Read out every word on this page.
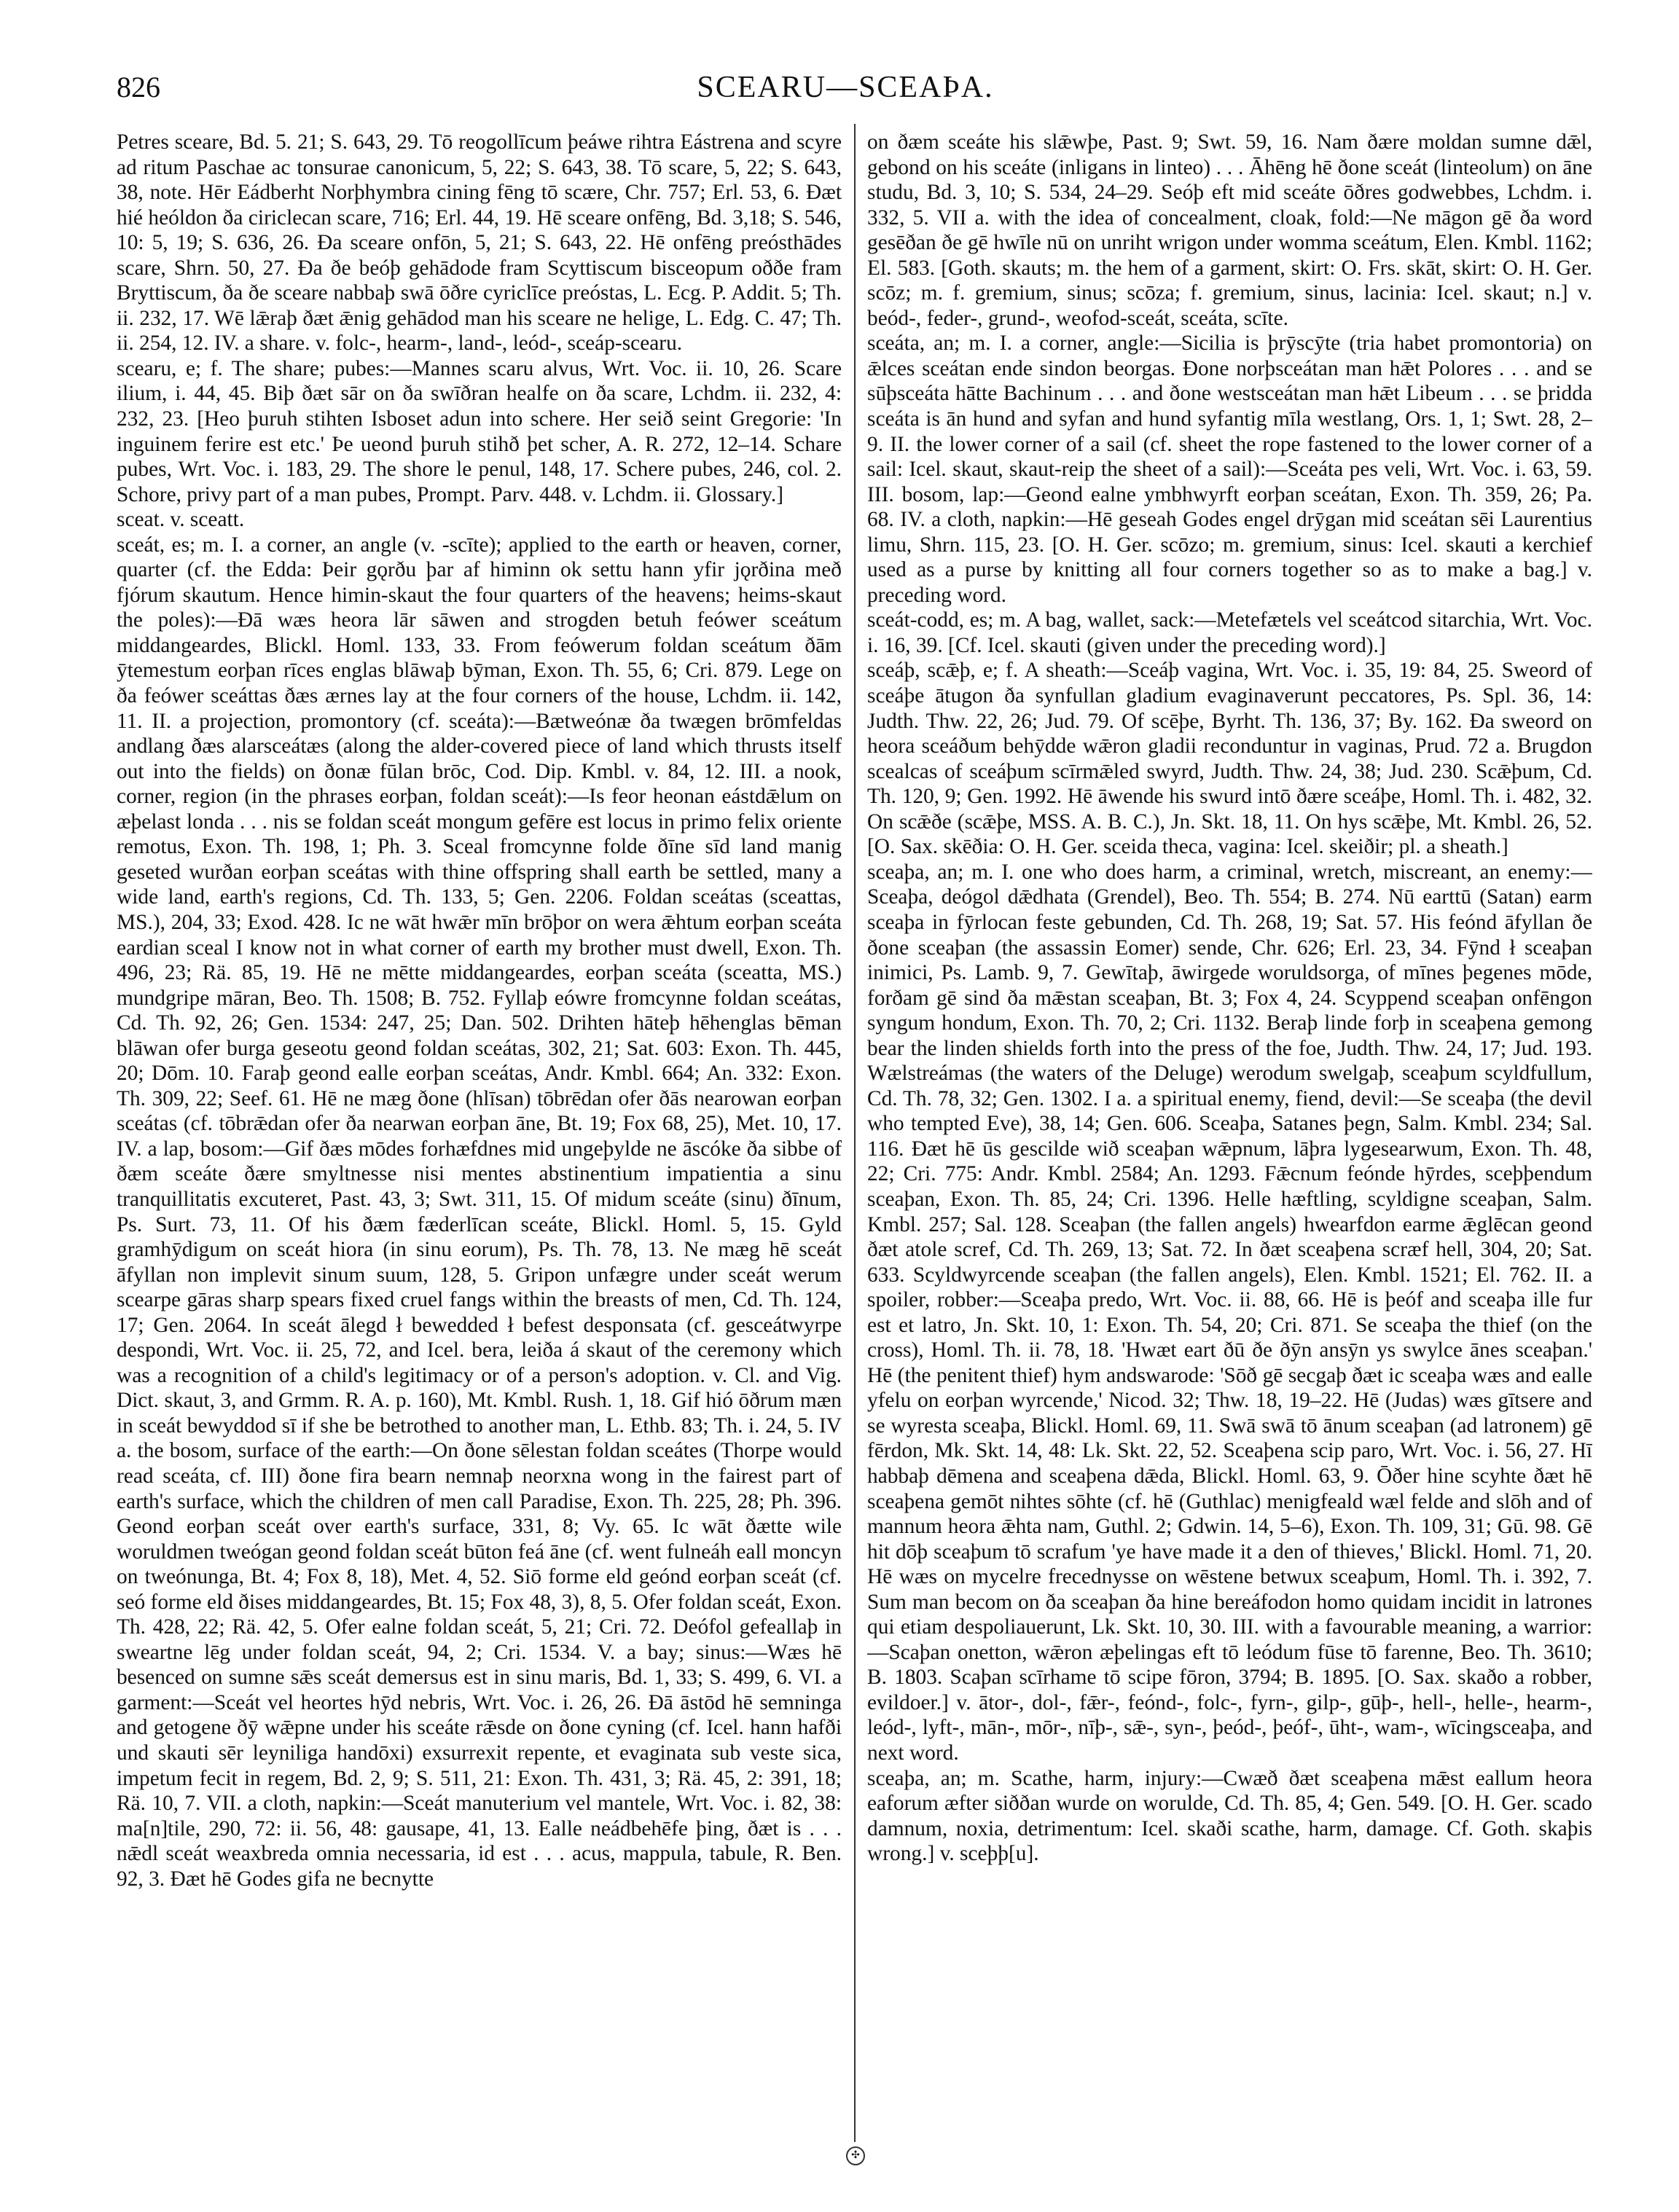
826	SCEARU—SCEAÞA.

Petres sceare, Bd. 5. 21; S. 643, 29. Tō reogollīcum þeáwe rihtra Eástrena and scyre ad ritum Paschae ac tonsurae canonicum, 5, 22; S. 643, 38. Tō scare, 5, 22; S. 643, 38, note. Hēr Eádberht Norþhymbra cining fēng tō scære, Chr. 757; Erl. 53, 6. Ðæt hié heóldon ða ciriclecan scare, 716; Erl. 44, 19. Hē sceare onfēng, Bd. 3,18; S. 546, 10: 5, 19; S. 636, 26. Ða sceare onfōn, 5, 21; S. 643, 22. Hē onfēng preósthādes scare, Shrn. 50, 27. Ða ðe beóþ gehādode fram Scyttiscum bisceopum oððe fram Bryttiscum, ða ðe sceare nabbaþ swā ōðre cyriclīce preóstas, L. Ecg. P. Addit. 5; Th. ii. 232, 17. Wē lǣraþ ðæt ǣnig gehādod man his sceare ne helige, L. Edg. C. 47; Th. ii. 254, 12. IV. a share. v. folc-, hearm-, land-, leód-, sceáp-scearu.

scearu, e; f. The share; pubes:—Mannes scaru alvus, Wrt. Voc. ii. 10, 26. Scare ilium, i. 44, 45. Biþ ðæt sār on ða swīðran healfe on ða scare, Lchdm. ii. 232, 4: 232, 23. [Heo þuruh stihten Isboset adun into schere. Her seið seint Gregorie: 'In inguinem ferire est etc.' Þe ueond þuruh stihð þet scher, A. R. 272, 12–14. Schare pubes, Wrt. Voc. i. 183, 29. The shore le penul, 148, 17. Schere pubes, 246, col. 2. Schore, privy part of a man pubes, Prompt. Parv. 448. v. Lchdm. ii. Glossary.]

sceat. v. sceatt.

sceát, es; m. I. a corner, an angle (v. -scīte); applied to the earth or heaven, corner, quarter (cf. the Edda: Þeir gǫrðu þar af himinn ok settu hann yfir jǫrðina með fjórum skautum. Hence himin-skaut the four quarters of the heavens; heims-skaut the poles):—Ðā wæs heora lār sāwen and strogden betuh feówer sceátum middangeardes, Blickl. Homl. 133, 33. From feówerum foldan sceátum ðām ȳtemestum eorþan rīces englas blāwaþ bȳman, Exon. Th. 55, 6; Cri. 879. Lege on ða feówer sceáttas ðæs ærnes lay at the four corners of the house, Lchdm. ii. 142, 11. II. a projection, promontory (cf. sceáta):—Bætweónæ ða twægen brōmfeldas andlang ðæs alarsceátæs (along the alder-covered piece of land which thrusts itself out into the fields) on ðonæ fūlan brōc, Cod. Dip. Kmbl. v. 84, 12. III. a nook, corner, region (in the phrases eorþan, foldan sceát):—Is feor heonan eástdǣlum on æþelast londa . . . nis se foldan sceát mongum gefēre est locus in primo felix oriente remotus, Exon. Th. 198, 1; Ph. 3. Sceal fromcynne folde ðīne sīd land manig geseted wurðan eorþan sceátas with thine offspring shall earth be settled, many a wide land, earth's regions, Cd. Th. 133, 5; Gen. 2206. Foldan sceátas (sceattas, MS.), 204, 33; Exod. 428. Ic ne wāt hwǣr mīn brōþor on wera ǣhtum eorþan sceáta eardian sceal I know not in what corner of earth my brother must dwell, Exon. Th. 496, 23; Rä. 85, 19. Hē ne mētte middangeardes, eorþan sceáta (sceatta, MS.) mundgripe māran, Beo. Th. 1508; B. 752. Fyllaþ eówre fromcynne foldan sceátas, Cd. Th. 92, 26; Gen. 1534: 247, 25; Dan. 502. Drihten hāteþ hēhenglas bēman blāwan ofer burga geseotu geond foldan sceátas, 302, 21; Sat. 603: Exon. Th. 445, 20; Dōm. 10. Faraþ geond ealle eorþan sceátas, Andr. Kmbl. 664; An. 332: Exon. Th. 309, 22; Seef. 61. Hē ne mæg ðone (hlīsan) tōbrēdan ofer ðās nearowan eorþan sceátas (cf. tōbrǣdan ofer ða nearwan eorþan āne, Bt. 19; Fox 68, 25), Met. 10, 17. IV. a lap, bosom:—Gif ðæs mōdes forhæfdnes mid ungeþylde ne āscóke ða sibbe of ðæm sceáte ðære smyltnesse nisi mentes abstinentium impatientia a sinu tranquillitatis excuteret, Past. 43, 3; Swt. 311, 15. Of midum sceáte (sinu) ðīnum, Ps. Surt. 73, 11. Of his ðæm fæderlīcan sceáte, Blickl. Homl. 5, 15. Gyld gramhȳdigum on sceát hiora (in sinu eorum), Ps. Th. 78, 13. Ne mæg hē sceát āfyllan non implevit sinum suum, 128, 5. Gripon unfægre under sceát werum scearpe gāras sharp spears fixed cruel fangs within the breasts of men, Cd. Th. 124, 17; Gen. 2064. In sceát ālegd ł bewedded ł befest desponsata (cf. gesceátwyrpe despondi, Wrt. Voc. ii. 25, 72, and Icel. bera, leiða á skaut of the ceremony which was a recognition of a child's legitimacy or of a person's adoption. v. Cl. and Vig. Dict. skaut, 3, and Grmm. R. A. p. 160), Mt. Kmbl. Rush. 1, 18. Gif hió ōðrum mæn in sceát bewyddod sī if she be betrothed to another man, L. Ethb. 83; Th. i. 24, 5. IV a. the bosom, surface of the earth:—On ðone sēlestan foldan sceátes (Thorpe would read sceáta, cf. III) ðone fira bearn nemnaþ neorxna wong in the fairest part of earth's surface, which the children of men call Paradise, Exon. Th. 225, 28; Ph. 396. Geond eorþan sceát over earth's surface, 331, 8; Vy. 65. Ic wāt ðætte wile woruldmen tweógan geond foldan sceát būton feá āne (cf. went fulneáh eall moncyn on tweónunga, Bt. 4; Fox 8, 18), Met. 4, 52. Siō forme eld geónd eorþan sceát (cf. seó forme eld ðises middangeardes, Bt. 15; Fox 48, 3), 8, 5. Ofer foldan sceát, Exon. Th. 428, 22; Rä. 42, 5. Ofer ealne foldan sceát, 5, 21; Cri. 72. Deófol gefeallaþ in sweartne lēg under foldan sceát, 94, 2; Cri. 1534. V. a bay; sinus:—Wæs hē besenced on sumne sǣs sceát demersus est in sinu maris, Bd. 1, 33; S. 499, 6. VI. a garment:—Sceát vel heortes hȳd nebris, Wrt. Voc. i. 26, 26. Ðā āstōd hē semninga and getogene ðȳ wǣpne under his sceáte rǣsde on ðone cyning (cf. Icel. hann hafði und skauti sēr leyniliga handōxi) exsurrexit repente, et evaginata sub veste sica, impetum fecit in regem, Bd. 2, 9; S. 511, 21: Exon. Th. 431, 3; Rä. 45, 2: 391, 18; Rä. 10, 7. VII. a cloth, napkin:—Sceát manuterium vel mantele, Wrt. Voc. i. 82, 38: ma[n]tile, 290, 72: ii. 56, 48: gausape, 41, 13. Ealle neádbehēfe þing, ðæt is . . . nǣdl sceát weaxbreda omnia necessaria, id est . . . acus, mappula, tabule, R. Ben. 92, 3. Ðæt hē Godes gifa ne becnytte

on ðæm sceáte his slǣwþe, Past. 9; Swt. 59, 16. Nam ðære moldan sumne dǣl, gebond on his sceáte (inligans in linteo) . . . Āhēng hē ðone sceát (linteolum) on āne studu, Bd. 3, 10; S. 534, 24–29. Seóþ eft mid sceáte ōðres godwebbes, Lchdm. i. 332, 5. VII a. with the idea of concealment, cloak, fold:—Ne māgon gē ða word gesēðan ðe gē hwīle nū on unriht wrigon under womma sceátum, Elen. Kmbl. 1162; El. 583. [Goth. skauts; m. the hem of a garment, skirt: O. Frs. skāt, skirt: O. H. Ger. scōz; m. f. gremium, sinus; scōza; f. gremium, sinus, lacinia: Icel. skaut; n.] v. beód-, feder-, grund-, weofod-sceát, sceáta, scīte.

sceáta, an; m. I. a corner, angle:—Sicilia is þrȳscȳte (tria habet promontoria) on ǣlces sceátan ende sindon beorgas. Ðone norþsceátan man hǣt Polores . . . and se sūþsceáta hātte Bachinum . . . and ðone westsceátan man hǣt Libeum . . . se þridda sceáta is ān hund and syfan and hund syfantig mīla westlang, Ors. 1, 1; Swt. 28, 2–9. II. the lower corner of a sail (cf. sheet the rope fastened to the lower corner of a sail: Icel. skaut, skaut-reip the sheet of a sail):—Sceáta pes veli, Wrt. Voc. i. 63, 59. III. bosom, lap:—Geond ealne ymbhwyrft eorþan sceátan, Exon. Th. 359, 26; Pa. 68. IV. a cloth, napkin:—Hē geseah Godes engel drȳgan mid sceátan sēi Laurentius limu, Shrn. 115, 23. [O. H. Ger. scōzo; m. gremium, sinus: Icel. skauti a kerchief used as a purse by knitting all four corners together so as to make a bag.] v. preceding word.

sceát-codd, es; m. A bag, wallet, sack:—Metefætels vel sceátcod sitarchia, Wrt. Voc. i. 16, 39. [Cf. Icel. skauti (given under the preceding word).]

sceáþ, scǣþ, e; f. A sheath:—Sceáþ vagina, Wrt. Voc. i. 35, 19: 84, 25. Sweord of sceáþe ātugon ða synfullan gladium evaginaverunt peccatores, Ps. Spl. 36, 14: Judth. Thw. 22, 26; Jud. 79. Of scēþe, Byrht. Th. 136, 37; By. 162. Ða sweord on heora sceáðum behȳdde wǣron gladii reconduntur in vaginas, Prud. 72 a. Brugdon scealcas of sceáþum scīrmǣled swyrd, Judth. Thw. 24, 38; Jud. 230. Scǣþum, Cd. Th. 120, 9; Gen. 1992. Hē āwende his swurd intō ðære sceáþe, Homl. Th. i. 482, 32. On scǣðe (scǣþe, MSS. A. B. C.), Jn. Skt. 18, 11. On hys scǣþe, Mt. Kmbl. 26, 52. [O. Sax. skēðia: O. H. Ger. sceida theca, vagina: Icel. skeiðir; pl. a sheath.]

sceaþa, an; m. I. one who does harm, a criminal, wretch, miscreant, an enemy:—Sceaþa, deógol dǣdhata (Grendel), Beo. Th. 554; B. 274. Nū earttū (Satan) earm sceaþa in fȳrlocan feste gebunden, Cd. Th. 268, 19; Sat. 57. His feónd āfyllan ðe ðone sceaþan (the assassin Eomer) sende, Chr. 626; Erl. 23, 34. Fȳnd ł sceaþan inimici, Ps. Lamb. 9, 7. Gewītaþ, āwirgede woruldsorga, of mīnes þegenes mōde, forðam gē sind ða mǣstan sceaþan, Bt. 3; Fox 4, 24. Scyppend sceaþan onfēngon syngum hondum, Exon. Th. 70, 2; Cri. 1132. Beraþ linde forþ in sceaþena gemong bear the linden shields forth into the press of the foe, Judth. Thw. 24, 17; Jud. 193. Wælstreámas (the waters of the Deluge) werodum swelgaþ, sceaþum scyldfullum, Cd. Th. 78, 32; Gen. 1302. I a. a spiritual enemy, fiend, devil:—Se sceaþa (the devil who tempted Eve), 38, 14; Gen. 606. Sceaþa, Satanes þegn, Salm. Kmbl. 234; Sal. 116. Ðæt hē ūs gescilde wið sceaþan wǣpnum, lāþra lygesearwum, Exon. Th. 48, 22; Cri. 775: Andr. Kmbl. 2584; An. 1293. Fǣcnum feónde hȳrdes, sceþþendum sceaþan, Exon. Th. 85, 24; Cri. 1396. Helle hæftling, scyldigne sceaþan, Salm. Kmbl. 257; Sal. 128. Sceaþan (the fallen angels) hwearfdon earme ǣglēcan geond ðæt atole scref, Cd. Th. 269, 13; Sat. 72. In ðæt sceaþena scræf hell, 304, 20; Sat. 633. Scyldwyrcende sceaþan (the fallen angels), Elen. Kmbl. 1521; El. 762. II. a spoiler, robber:—Sceaþa predo, Wrt. Voc. ii. 88, 66. Hē is þeóf and sceaþa ille fur est et latro, Jn. Skt. 10, 1: Exon. Th. 54, 20; Cri. 871. Se sceaþa the thief (on the cross), Homl. Th. ii. 78, 18. 'Hwæt eart ðū ðe ðȳn ansȳn ys swylce ānes sceaþan.' Hē (the penitent thief) hym andswarode: 'Sōð gē secgaþ ðæt ic sceaþa wæs and ealle yfelu on eorþan wyrcende,' Nicod. 32; Thw. 18, 19–22. Hē (Judas) wæs gītsere and se wyresta sceaþa, Blickl. Homl. 69, 11. Swā swā tō ānum sceaþan (ad latronem) gē fērdon, Mk. Skt. 14, 48: Lk. Skt. 22, 52. Sceaþena scip paro, Wrt. Voc. i. 56, 27. Hī habbaþ dēmena and sceaþena dǣda, Blickl. Homl. 63, 9. Ōðer hine scyhte ðæt hē sceaþena gemōt nihtes sōhte (cf. hē (Guthlac) menigfeald wæl felde and slōh and of mannum heora ǣhta nam, Guthl. 2; Gdwin. 14, 5–6), Exon. Th. 109, 31; Gū. 98. Gē hit dōþ sceaþum tō scrafum 'ye have made it a den of thieves,' Blickl. Homl. 71, 20. Hē wæs on mycelre frecednysse on wēstene betwux sceaþum, Homl. Th. i. 392, 7. Sum man becom on ða sceaþan ða hine bereáfodon homo quidam incidit in latrones qui etiam despoliauerunt, Lk. Skt. 10, 30. III. with a favourable meaning, a warrior:—Scaþan onetton, wǣron æþelingas eft tō leódum fūse tō farenne, Beo. Th. 3610; B. 1803. Scaþan scīrhame tō scipe fōron, 3794; B. 1895. [O. Sax. skaðo a robber, evildoer.] v. ātor-, dol-, fǣr-, feónd-, folc-, fyrn-, gilp-, gūþ-, hell-, helle-, hearm-, leód-, lyft-, mān-, mōr-, nīþ-, sǣ-, syn-, þeód-, þeóf-, ūht-, wam-, wīcingsceaþa, and next word.

sceaþa, an; m. Scathe, harm, injury:—Cwæð ðæt sceaþena mǣst eallum heora eaforum æfter siððan wurde on worulde, Cd. Th. 85, 4; Gen. 549. [O. H. Ger. scado damnum, noxia, detrimentum: Icel. skaði scathe, harm, damage. Cf. Goth. skaþis wrong.] v. sceþþ[u].

✣
